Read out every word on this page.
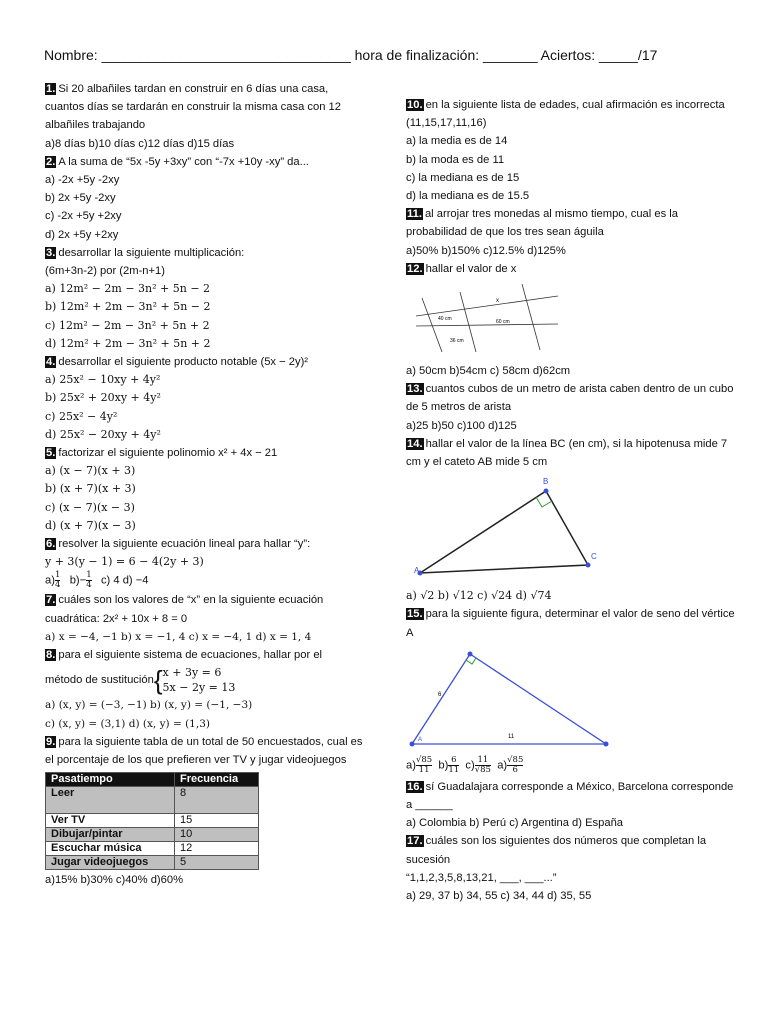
Nombre: ________________________________ hora de finalización: _______ Aciertos: _____/17
1. Si 20 albañiles tardan en construir en 6 días una casa, cuantos días se tardarán en construir la misma casa con 12 albañiles trabajando
a)8 días b)10 días c)12 días d)15 días
2. A la suma de “5x -5y +3xy” con “-7x +10y -xy” da...
a) -2x +5y -2xy
b) 2x +5y -2xy
c) -2x +5y +2xy
d) 2x +5y +2xy
3. desarrollar la siguiente multiplicación:
(6m+3n-2) por (2m-n+1)
a) 12m² − 2m − 3n² + 5n − 2
b) 12m² + 2m − 3n² + 5n − 2
c) 12m² − 2m − 3n² + 5n + 2
d) 12m² + 2m − 3n² + 5n + 2
4. desarrollar el siguiente producto notable (5x − 2y)²
a) 25x² − 10xy + 4y²
b) 25x² + 20xy + 4y²
c) 25x² − 4y²
d) 25x² − 20xy + 4y²
5. factorizar el siguiente polinomio x² + 4x − 21
a) (x − 7)(x + 3)
b) (x + 7)(x + 3)
c) (x − 7)(x − 3)
d) (x + 7)(x − 3)
6. resolver la siguiente ecuación lineal para hallar “y”:
y + 3(y − 1) = 6 − 4(2y + 3)
$a) \frac{1}{4} b)- \frac{1}{4} c$) 4 d) −4
7. cuáles son los valores de “x” en la siguiente ecuación cuadrática: 2x² + 10x + 8 = 0
a) x = −4, −1 b) x = −1, 4 c) x = −4, 1 d) x = 1, 4
8. para el siguiente sistema de ecuaciones, hallar por el
método de sustitución { x + 3y = 6
5x − 2y = 13
a) (x, y) = (−3, −1) b) (x, y) = (−1, −3)
c) (x, y) = (3,1) d) (x, y) = (1,3)
9. para la siguiente tabla de un total de 50 encuestados, cual es el porcentaje de los que prefieren ver TV y jugar videojuegos
Pasatiempo	Frecuencia
Leer	8
Ver TV	15
Dibujar/pintar	10
Escuchar música	12
Jugar videojuegos	5
a)15% b)30% c)40% d)60%
10. en la siguiente lista de edades, cual afirmación es incorrecta (11,15,17,11,16)
a) la media es de 14
b) la moda es de 11
c) la mediana es de 15
d) la mediana es de 15.5
11. al arrojar tres monedas al mismo tiempo, cual es la probabilidad de que los tres sean águila
a)50% b)150% c)12.5% d)125%
12. hallar el valor de x
x
40 cm	60 cm
36 cm
a) 50cm b)54cm c) 58cm d)62cm
13. cuantos cubos de un metro de arista caben dentro de un cubo de 5 metros de arista
a)25 b)50 c)100 d)125
14. hallar el valor de la línea BC (en cm), si la hipotenusa mide 7 cm y el cateto AB mide 5 cm
A
B
C
a) √2 b) √12 c) √24 d) √74
15. para la siguiente figura, determinar el valor de seno del vértice A
A
6
11
$a) \frac{√85}{11} b) \frac{6}{11} c) \frac{11}{√85} a) \frac{√85}{6}$
16. sí Guadalajara corresponde a México, Barcelona corresponde a ______
a) Colombia b) Perú c) Argentina d) España
17. cuáles son los siguientes dos números que completan la sucesión
“1,1,2,3,5,8,13,21, ___, ___...”
a) 29, 37 b) 34, 55 c) 34, 44 d) 35, 55
